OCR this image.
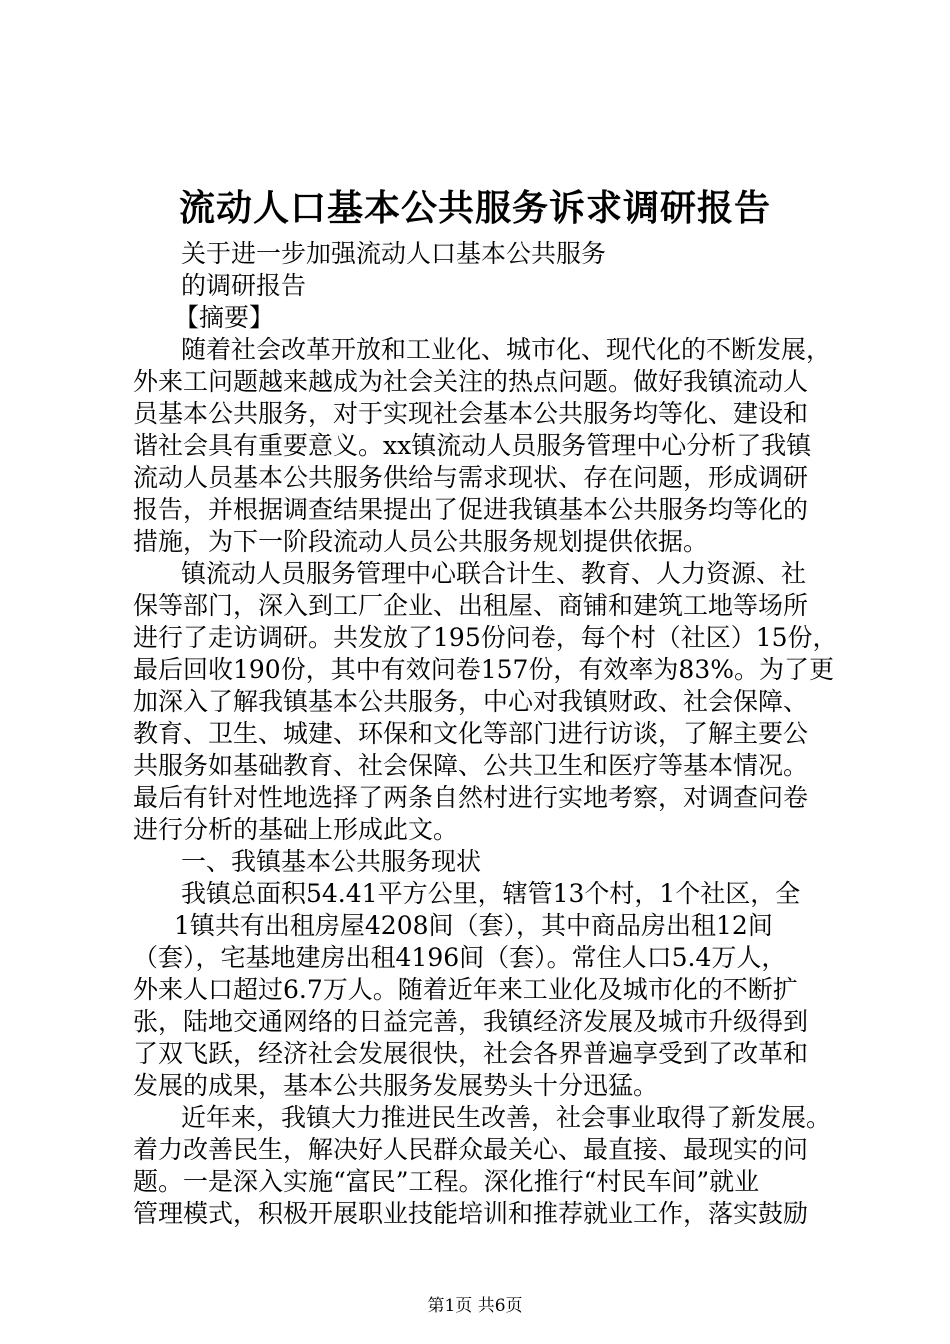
流动人口基本公共服务诉求调研报告
关于进一步加强流动人口基本公共服务
的调研报告
【摘要】
随着社会改革开放和工业化、城市化、现代化的不断发展，
外来工问题越来越成为社会关注的热点问题。做好我镇流动人
员基本公共服务，对于实现社会基本公共服务均等化、建设和
谐社会具有重要意义。xx镇流动人员服务管理中心分析了我镇
流动人员基本公共服务供给与需求现状、存在问题，形成调研
报告，并根据调查结果提出了促进我镇基本公共服务均等化的
措施，为下一阶段流动人员公共服务规划提供依据。
镇流动人员服务管理中心联合计生、教育、人力资源、社
保等部门，深入到工厂企业、出租屋、商铺和建筑工地等场所
进行了走访调研。共发放了195份问卷，每个村（社区）15份，
最后回收190份，其中有效问卷157份，有效率为83%。为了更
加深入了解我镇基本公共服务，中心对我镇财政、社会保障、
教育、卫生、城建、环保和文化等部门进行访谈，了解主要公
共服务如基础教育、社会保障、公共卫生和医疗等基本情况。
最后有针对性地选择了两条自然村进行实地考察，对调查问卷
进行分析的基础上形成此文。
一、我镇基本公共服务现状
我镇总面积54.41平方公里，辖管13个村，1个社区，全
1镇共有出租房屋4208间（套），其中商品房出租12间
（套），宅基地建房出租4196间（套）。常住人口5.4万人，
外来人口超过6.7万人。随着近年来工业化及城市化的不断扩
张，陆地交通网络的日益完善，我镇经济发展及城市升级得到
了双飞跃，经济社会发展很快，社会各界普遍享受到了改革和
发展的成果，基本公共服务发展势头十分迅猛。
近年来，我镇大力推进民生改善，社会事业取得了新发展。
着力改善民生，解决好人民群众最关心、最直接、最现实的问
题。一是深入实施“富民”工程。深化推行“村民车间”就业
管理模式，积极开展职业技能培训和推荐就业工作，落实鼓励
第1页 共6页
